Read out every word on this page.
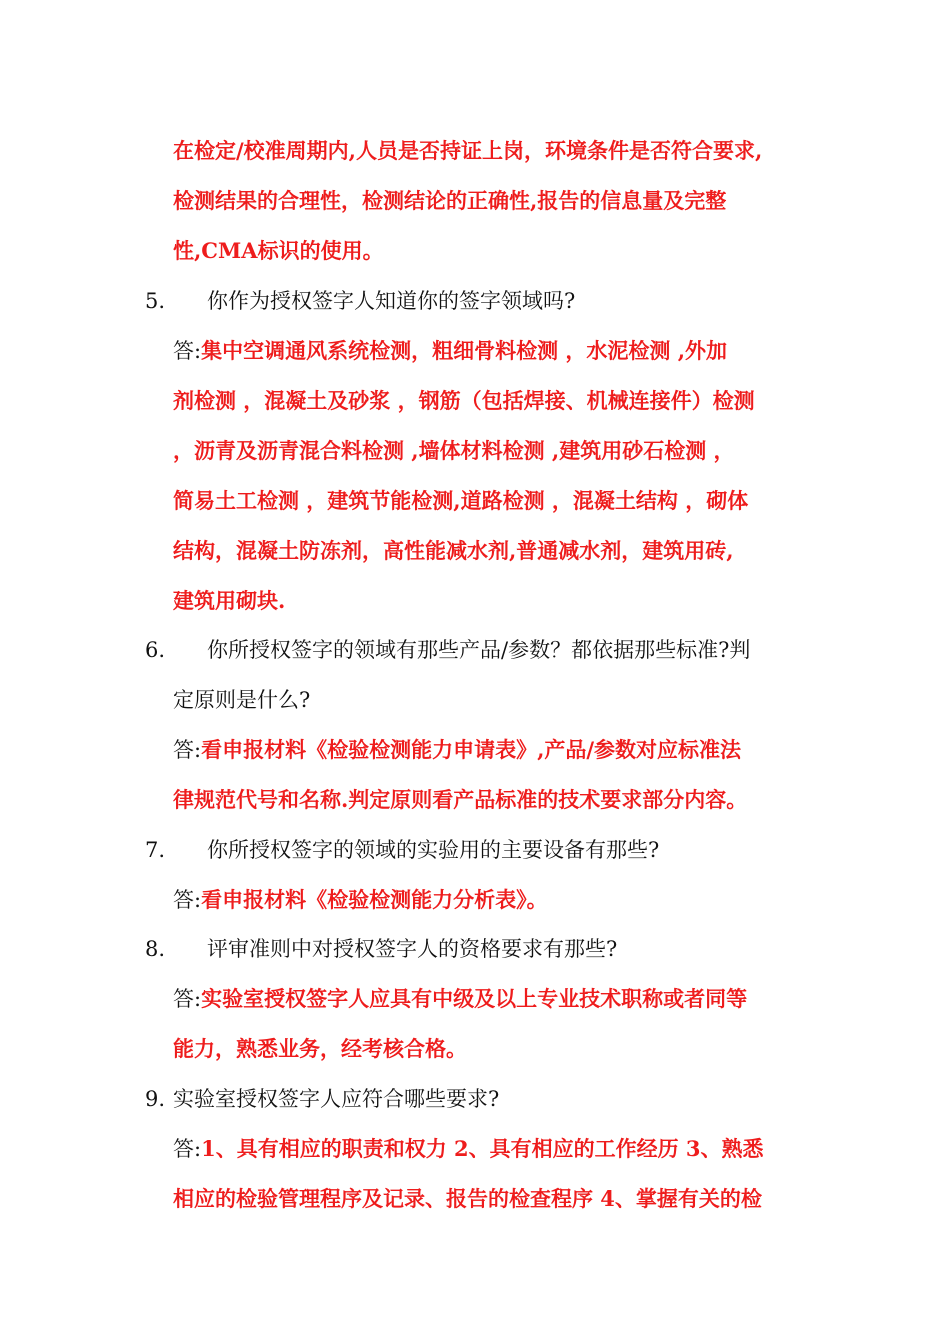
在检定/校准周期内,人员是否持证上岗，环境条件是否符合要求,
检测结果的合理性，检测结论的正确性,报告的信息量及完整
性,CMA标识的使用。
5. 你作为授权签字人知道你的签字领域吗?
答:集中空调通风系统检测，粗细骨料检测 ，水泥检测 ,外加
剂检测 ，混凝土及砂浆 ，钢筋（包括焊接、机械连接件）检测
，沥青及沥青混合料检测 ,墙体材料检测 ,建筑用砂石检测 ，
简易土工检测 ，建筑节能检测,道路检测 ，混凝土结构 ，砌体
结构，混凝土防冻剂，高性能减水剂,普通减水剂，建筑用砖,
建筑用砌块.
6. 你所授权签字的领域有那些产品/参数？都依据那些标准?判
定原则是什么?
答:看申报材料《检验检测能力申请表》,产品/参数对应标准法
律规范代号和名称.判定原则看产品标准的技术要求部分内容。
7. 你所授权签字的领域的实验用的主要设备有那些?
答:看申报材料《检验检测能力分析表》。
8. 评审准则中对授权签字人的资格要求有那些?
答:实验室授权签字人应具有中级及以上专业技术职称或者同等
能力，熟悉业务，经考核合格。
9. 实验室授权签字人应符合哪些要求?
答:1、具有相应的职责和权力 2、具有相应的工作经历 3、熟悉
相应的检验管理程序及记录、报告的检查程序 4、掌握有关的检
